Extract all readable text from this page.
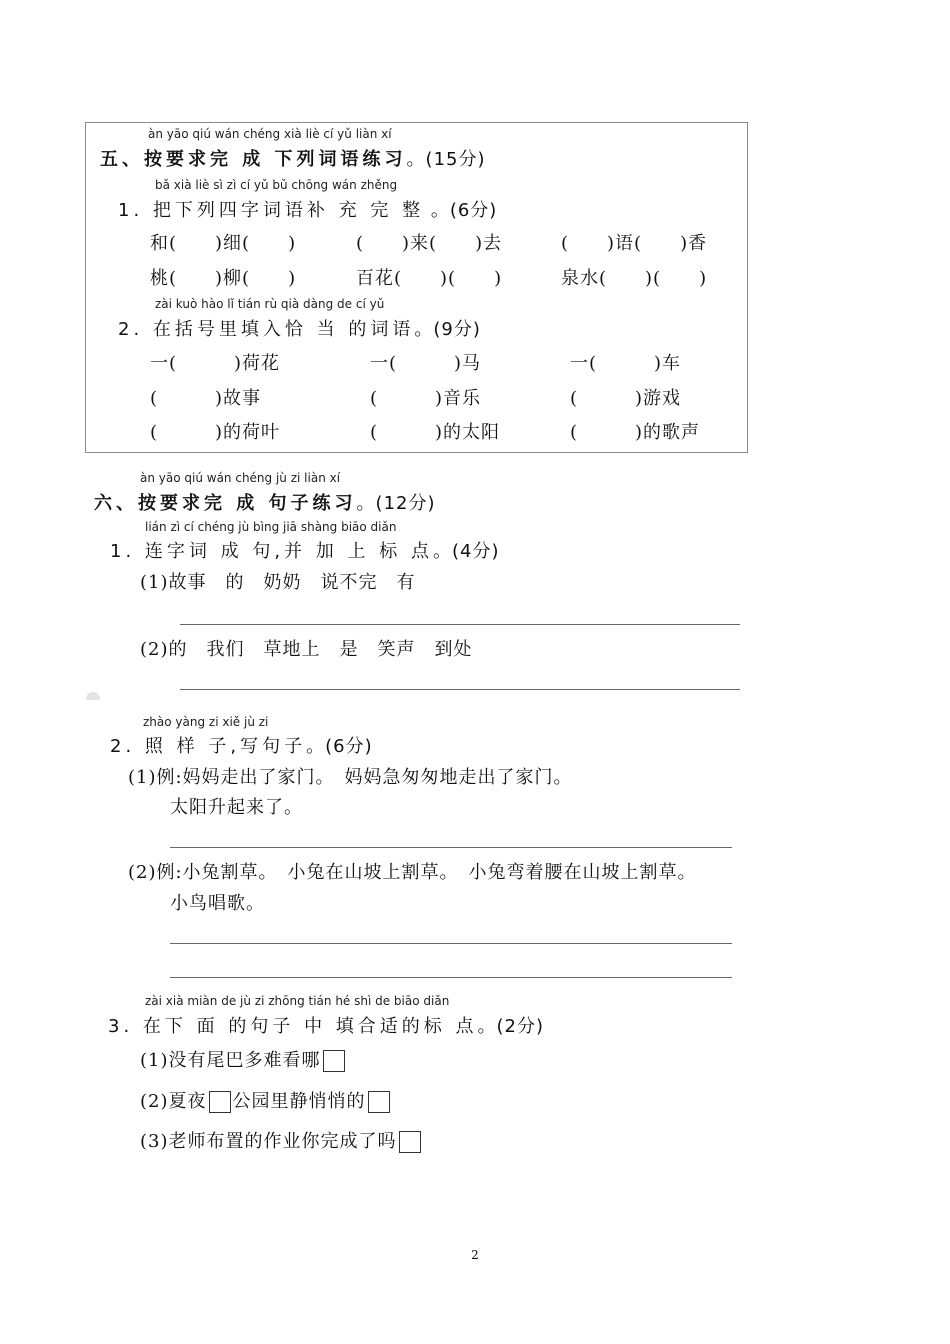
àn yāo qiú wán chéng xià liè cí yǔ liàn xí
五、按要求完 成 下列词语练习。(15分)
bǎ xià liè sì zì cí yǔ bǔ chōng wán zhěng
1. 把下列四字词语补 充 完 整 。(6分)
和(　　)细(　　)	(　　)来(　　)去	(　　)语(　　)香
桃(　　)柳(　　)	百花(　　)(　　)	泉水(　　)(　　)
zài kuò hào lǐ tián rù qià dàng de cí yǔ
2. 在括号里填入恰 当 的词语。(9分)
一(　　　)荷花	一(　　　)马	一(　　　)车
(　　　)故事	(　　　)音乐	(　　　)游戏
(　　　)的荷叶	(　　　)的太阳	(　　　)的歌声
àn yāo qiú wán chéng jù zi liàn xí
六、按要求完 成 句子练习。(12分)
lián zì cí chéng jù bìng jiā shàng biāo diǎn
1. 连字词 成 句,并 加 上 标 点。(4分)
(1)故事　的　奶奶　说不完　有
(2)的　我们　草地上　是　笑声　到处
zhào yàng zi xiě jù zi
2. 照 样 子,写句子。(6分)
(1)例:妈妈走出了家门。　妈妈急匆匆地走出了家门。
太阳升起来了。
(2)例:小兔割草。　小兔在山坡上割草。　小兔弯着腰在山坡上割草。
小鸟唱歌。
zài xià miàn de jù zi zhōng tián hé shì de biāo diǎn
3. 在下 面 的句子 中 填合适的标 点。(2分)
(1)没有尾巴多难看哪
(2)夏夜 公园里静悄悄的
(3)老师布置的作业你完成了吗
2
